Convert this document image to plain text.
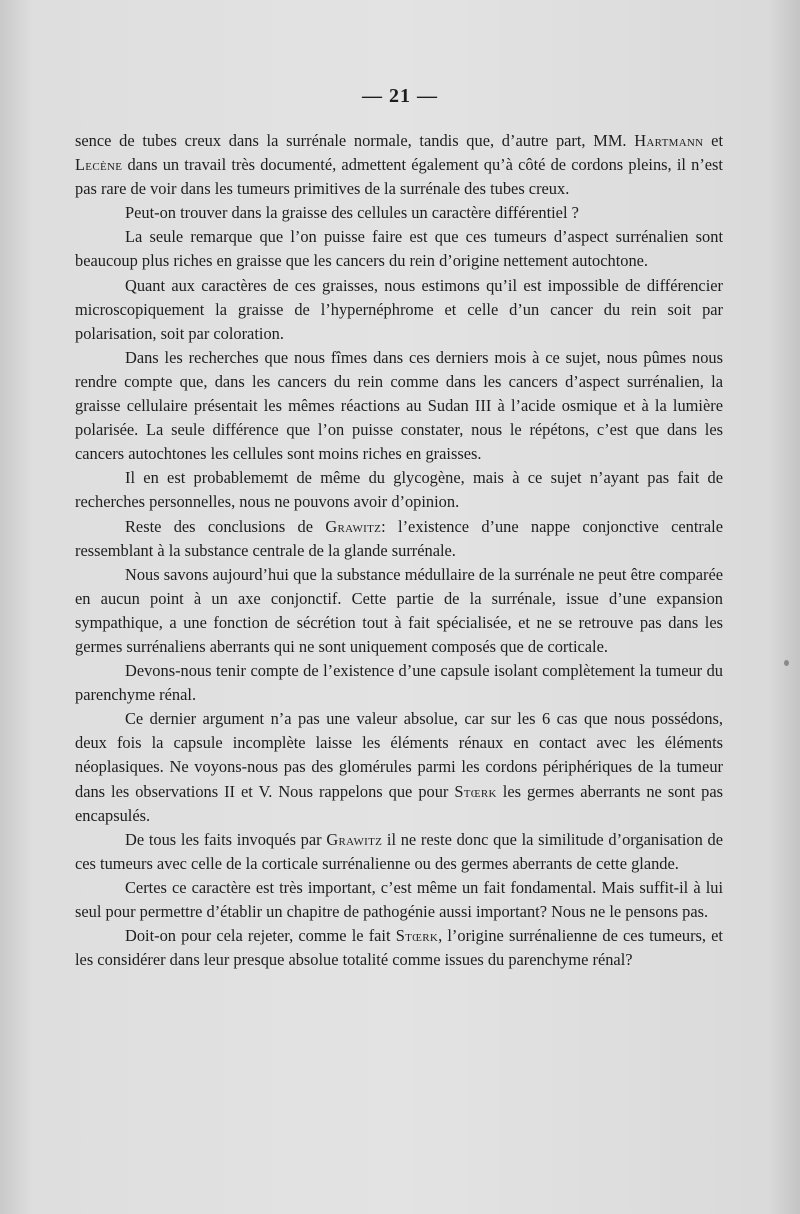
— 21 —

sence de tubes creux dans la surrénale normale, tandis que, d’autre part, MM. Hartmann et Lecène dans un travail très documenté, admettent également qu’à côté de cordons pleins, il n’est pas rare de voir dans les tumeurs primitives de la surrénale des tubes creux.

Peut-on trouver dans la graisse des cellules un caractère différentiel ?

La seule remarque que l’on puisse faire est que ces tumeurs d’aspect surrénalien sont beaucoup plus riches en graisse que les cancers du rein d’origine nettement autochtone.

Quant aux caractères de ces graisses, nous estimons qu’il est impossible de différencier microscopiquement la graisse de l’hypernéphrome et celle d’un cancer du rein soit par polarisation, soit par coloration.

Dans les recherches que nous fîmes dans ces derniers mois à ce sujet, nous pûmes nous rendre compte que, dans les cancers du rein comme dans les cancers d’aspect surrénalien, la graisse cellulaire présentait les mêmes réactions au Sudan III à l’acide osmique et à la lumière polarisée. La seule différence que l’on puisse constater, nous le répétons, c’est que dans les cancers autochtones les cellules sont moins riches en graisses.

Il en est probablememt de même du glycogène, mais à ce sujet n’ayant pas fait de recherches personnelles, nous ne pouvons avoir d’opinion.

Reste des conclusions de Grawitz: l’existence d’une nappe conjonctive centrale ressemblant à la substance centrale de la glande surrénale.

Nous savons aujourd’hui que la substance médullaire de la surrénale ne peut être comparée en aucun point à un axe conjonctif. Cette partie de la surrénale, issue d’une expansion sympathique, a une fonction de sécrétion tout à fait spécialisée, et ne se retrouve pas dans les germes surrénaliens aberrants qui ne sont uniquement composés que de corticale.

Devons-nous tenir compte de l’existence d’une capsule isolant complètement la tumeur du parenchyme rénal.

Ce dernier argument n’a pas une valeur absolue, car sur les 6 cas que nous possédons, deux fois la capsule incomplète laisse les éléments rénaux en contact avec les éléments néoplasiques. Ne voyons-nous pas des glomérules parmi les cordons périphériques de la tumeur dans les observations II et V. Nous rappelons que pour Stœrk les germes aberrants ne sont pas encapsulés.

De tous les faits invoqués par Grawitz il ne reste donc que la similitude d’organisation de ces tumeurs avec celle de la corticale surrénalienne ou des germes aberrants de cette glande.

Certes ce caractère est très important, c’est même un fait fondamental. Mais suffit-il à lui seul pour permettre d’établir un chapitre de pathogénie aussi important? Nous ne le pensons pas.

Doit-on pour cela rejeter, comme le fait Stœrk, l’origine surrénalienne de ces tumeurs, et les considérer dans leur presque absolue totalité comme issues du parenchyme rénal?
